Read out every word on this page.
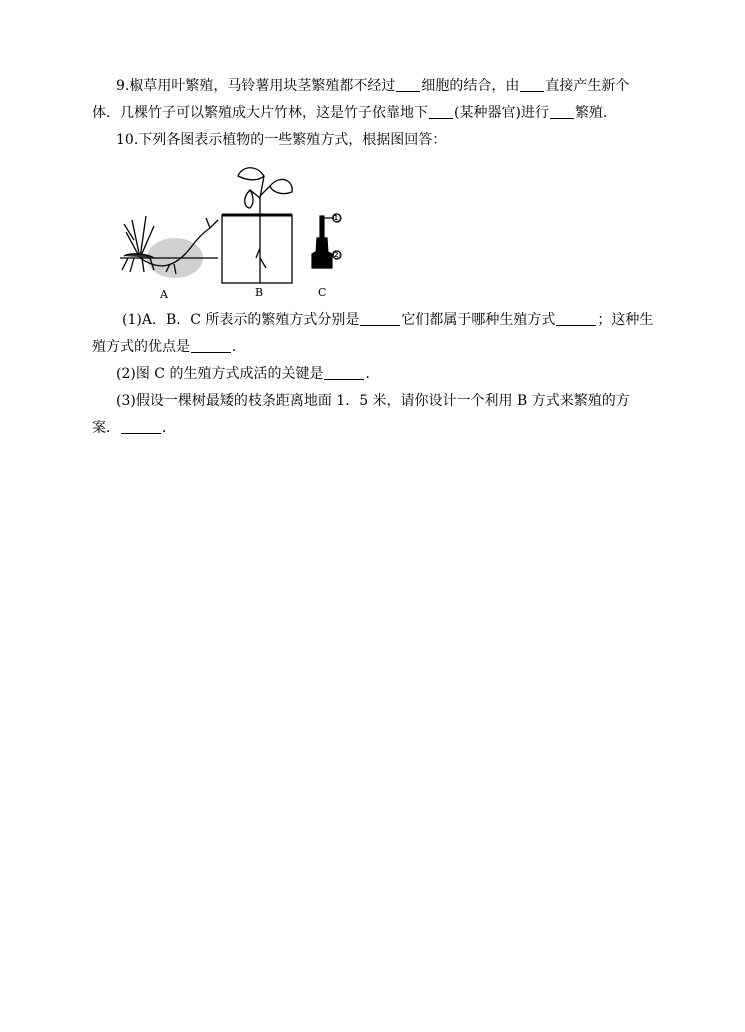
9.椒草用叶繁殖，马铃薯用块茎繁殖都不经过 细胞的结合，由 直接产生新个
体．几棵竹子可以繁殖成大片竹林，这是竹子依靠地下 (某种器官)进行 繁殖．
10.下列各图表示植物的一些繁殖方式，根据图回答：
①
②
A	B	C
(1)A．B．C 所表示的繁殖方式分别是	它们都属于哪种生殖方式	；这种生
殖方式的优点是	．
(2)图 C 的生殖方式成活的关键是	．
(3)假设一棵树最矮的枝条距离地面 1．5 米，请你设计一个利用 B 方式来繁殖的方
案．	．
